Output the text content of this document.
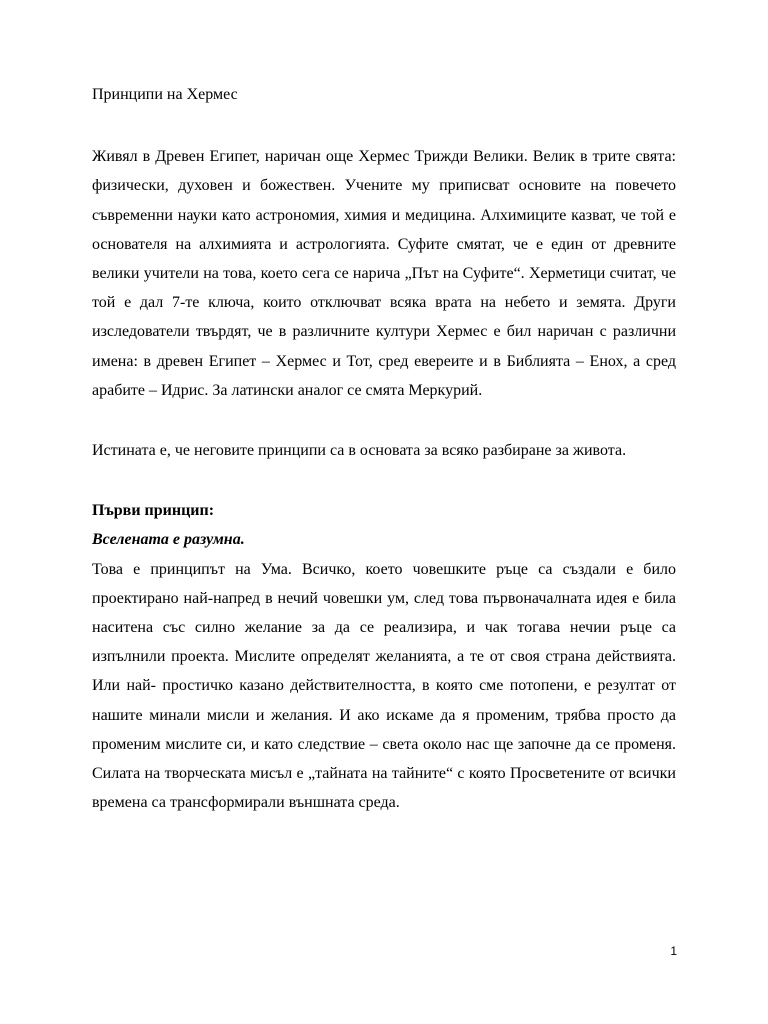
Принципи на Хермес

Живял в Древен Египет, наричан още Хермес Трижди Велики. Велик в трите свята: физически, духовен и божествен. Учените му приписват основите на повечето съвременни науки като астрономия, химия и медицина. Алхимиците казват, че той е основателя на алхимията и астрологията. Суфите смятат, че е един от древните велики учители на това, което сега се нарича „Път на Суфите“. Херметици считат, че той е дал 7-те ключа, които отключват всяка врата на небето и земята. Други изследователи твърдят, че в различните култури Хермес е бил наричан с различни имена: в древен Египет – Хермес и Тот, сред евереите и в Библията – Енох, а сред арабите – Идрис. За латински аналог се смята Меркурий.

Истината е, че неговите принципи са в основата за всяко разбиране за живота.

Първи принцип:
Вселената е разумна.

Това е принципът на Ума. Всичко, което човешките ръце са създали е било проектирано най-напред в нечий човешки ум, след това първоначалната идея е била наситена със силно желание за да се реализира, и чак тогава нечии ръце са изпълнили проекта. Мислите определят желанията, а те от своя страна действията. Или най- простичко казано действителността, в която сме потопени, е резултат от нашите минали мисли и желания. И ако искаме да я променим, трябва просто да променим мислите си, и като следствие – света около нас ще започне да се променя. Силата на творческата мисъл е „тайната на тайните“ с която Просветените от всички времена са трансформирали външната среда.

1
